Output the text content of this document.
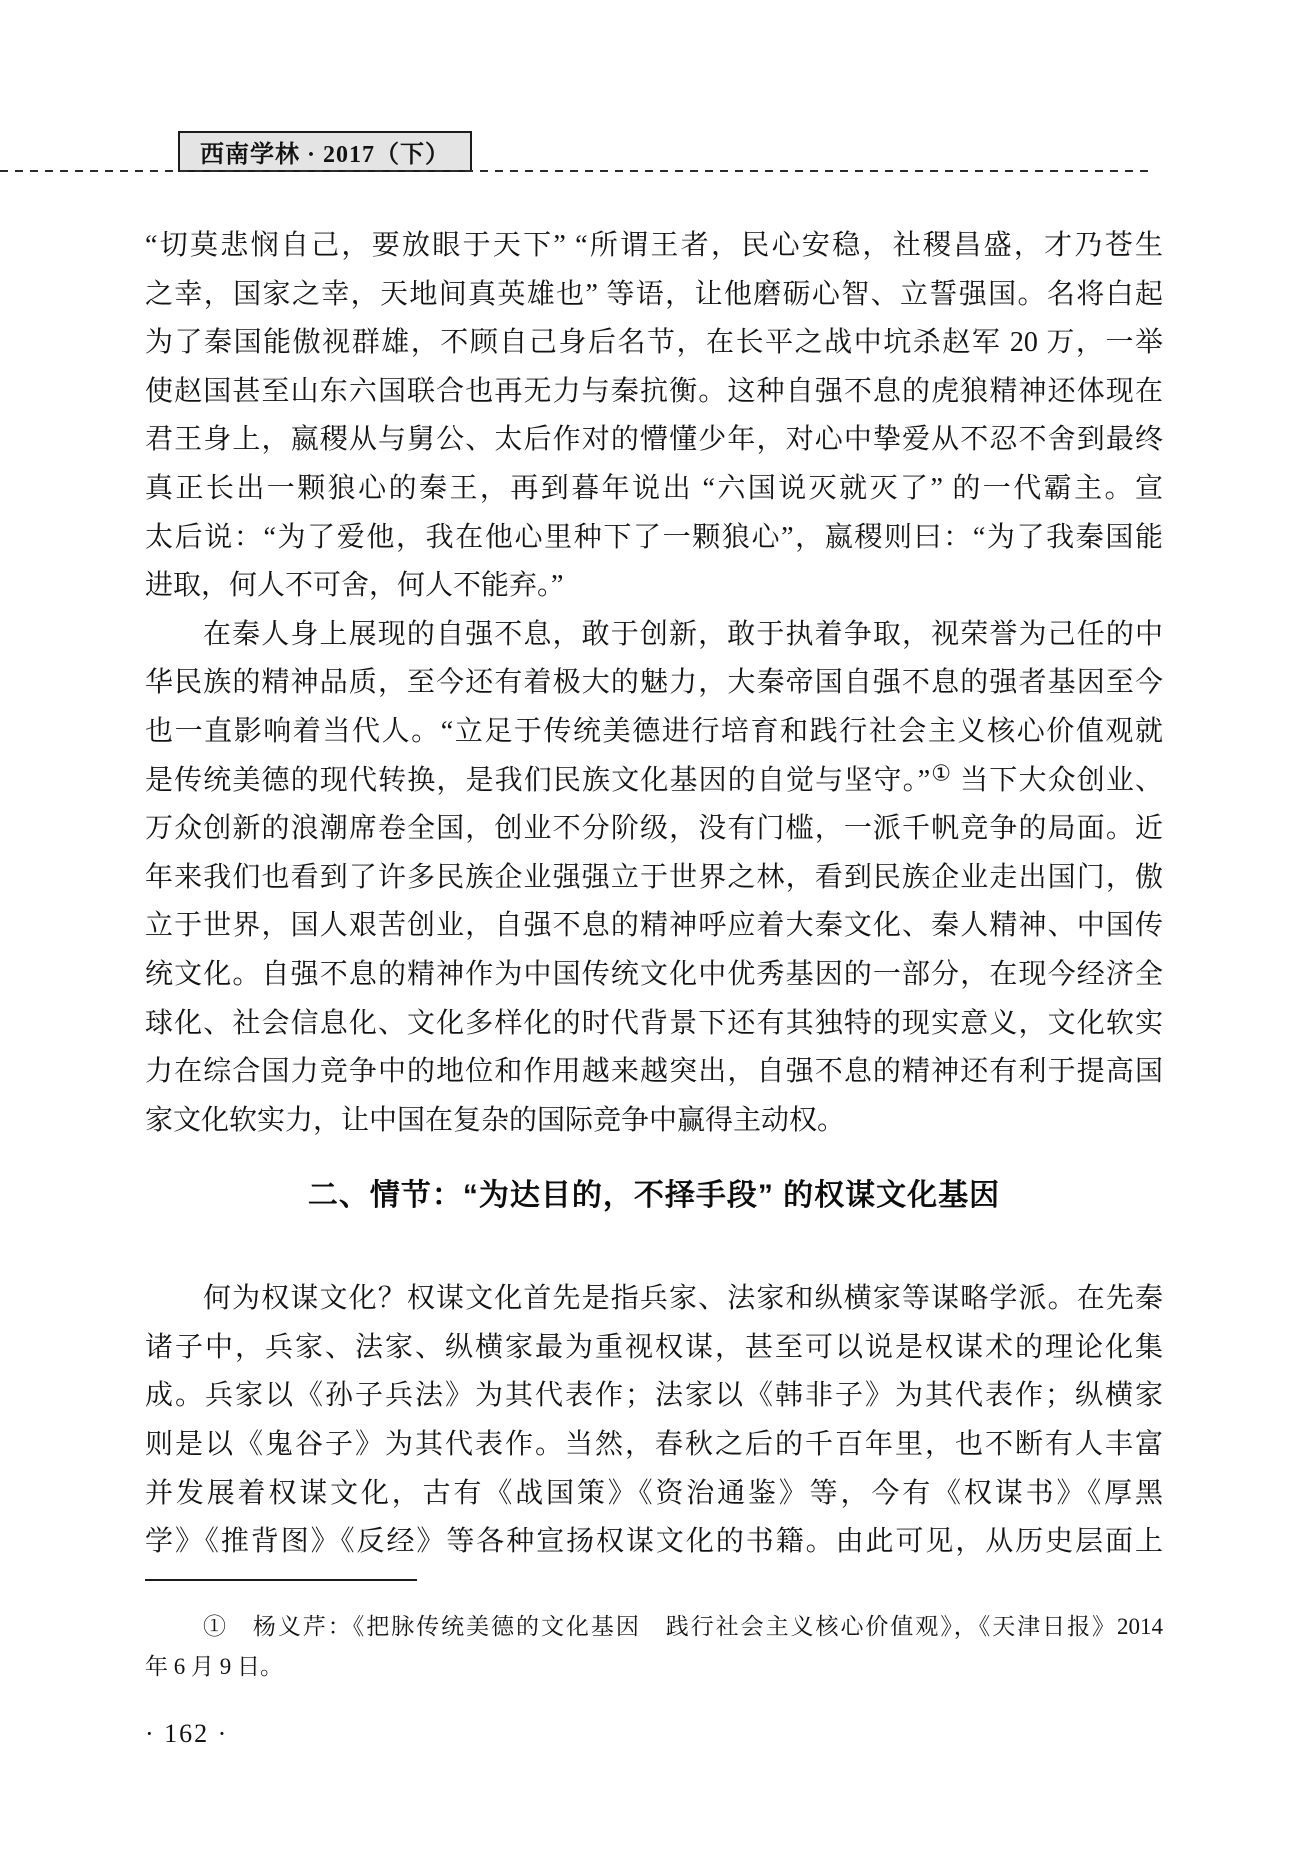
西南学林 · 2017（下）
“切莫悲悯自己，要放眼于天下” “所谓王者，民心安稳，社稷昌盛，才乃苍生
之幸，国家之幸，天地间真英雄也” 等语，让他磨砺心智、立誓强国。名将白起
为了秦国能傲视群雄，不顾自己身后名节，在长平之战中坑杀赵军 20 万，一举
使赵国甚至山东六国联合也再无力与秦抗衡。这种自强不息的虎狼精神还体现在
君王身上，嬴稷从与舅公、太后作对的懵懂少年，对心中挚爱从不忍不舍到最终
真正长出一颗狼心的秦王，再到暮年说出 “六国说灭就灭了” 的一代霸主。宣
太后说：“为了爱他，我在他心里种下了一颗狼心”，嬴稷则曰：“为了我秦国能
进取，何人不可舍，何人不能弃。”
在秦人身上展现的自强不息，敢于创新，敢于执着争取，视荣誉为己任的中
华民族的精神品质，至今还有着极大的魅力，大秦帝国自强不息的强者基因至今
也一直影响着当代人。“立足于传统美德进行培育和践行社会主义核心价值观就
是传统美德的现代转换，是我们民族文化基因的自觉与坚守。”① 当下大众创业、
万众创新的浪潮席卷全国，创业不分阶级，没有门槛，一派千帆竞争的局面。近
年来我们也看到了许多民族企业强强立于世界之林，看到民族企业走出国门，傲
立于世界，国人艰苦创业，自强不息的精神呼应着大秦文化、秦人精神、中国传
统文化。自强不息的精神作为中国传统文化中优秀基因的一部分，在现今经济全
球化、社会信息化、文化多样化的时代背景下还有其独特的现实意义，文化软实
力在综合国力竞争中的地位和作用越来越突出，自强不息的精神还有利于提高国
家文化软实力，让中国在复杂的国际竞争中赢得主动权。
二、情节：“为达目的，不择手段” 的权谋文化基因
何为权谋文化？权谋文化首先是指兵家、法家和纵横家等谋略学派。在先秦
诸子中，兵家、法家、纵横家最为重视权谋，甚至可以说是权谋术的理论化集
成。兵家以《孙子兵法》为其代表作；法家以《韩非子》为其代表作；纵横家
则是以《鬼谷子》为其代表作。当然，春秋之后的千百年里，也不断有人丰富
并发展着权谋文化，古有《战国策》《资治通鉴》等，今有《权谋书》《厚黑
学》《推背图》《反经》等各种宣扬权谋文化的书籍。由此可见，从历史层面上
①　杨义芹：《把脉传统美德的文化基因　践行社会主义核心价值观》，《天津日报》2014
年 6 月 9 日。
· 162 ·
